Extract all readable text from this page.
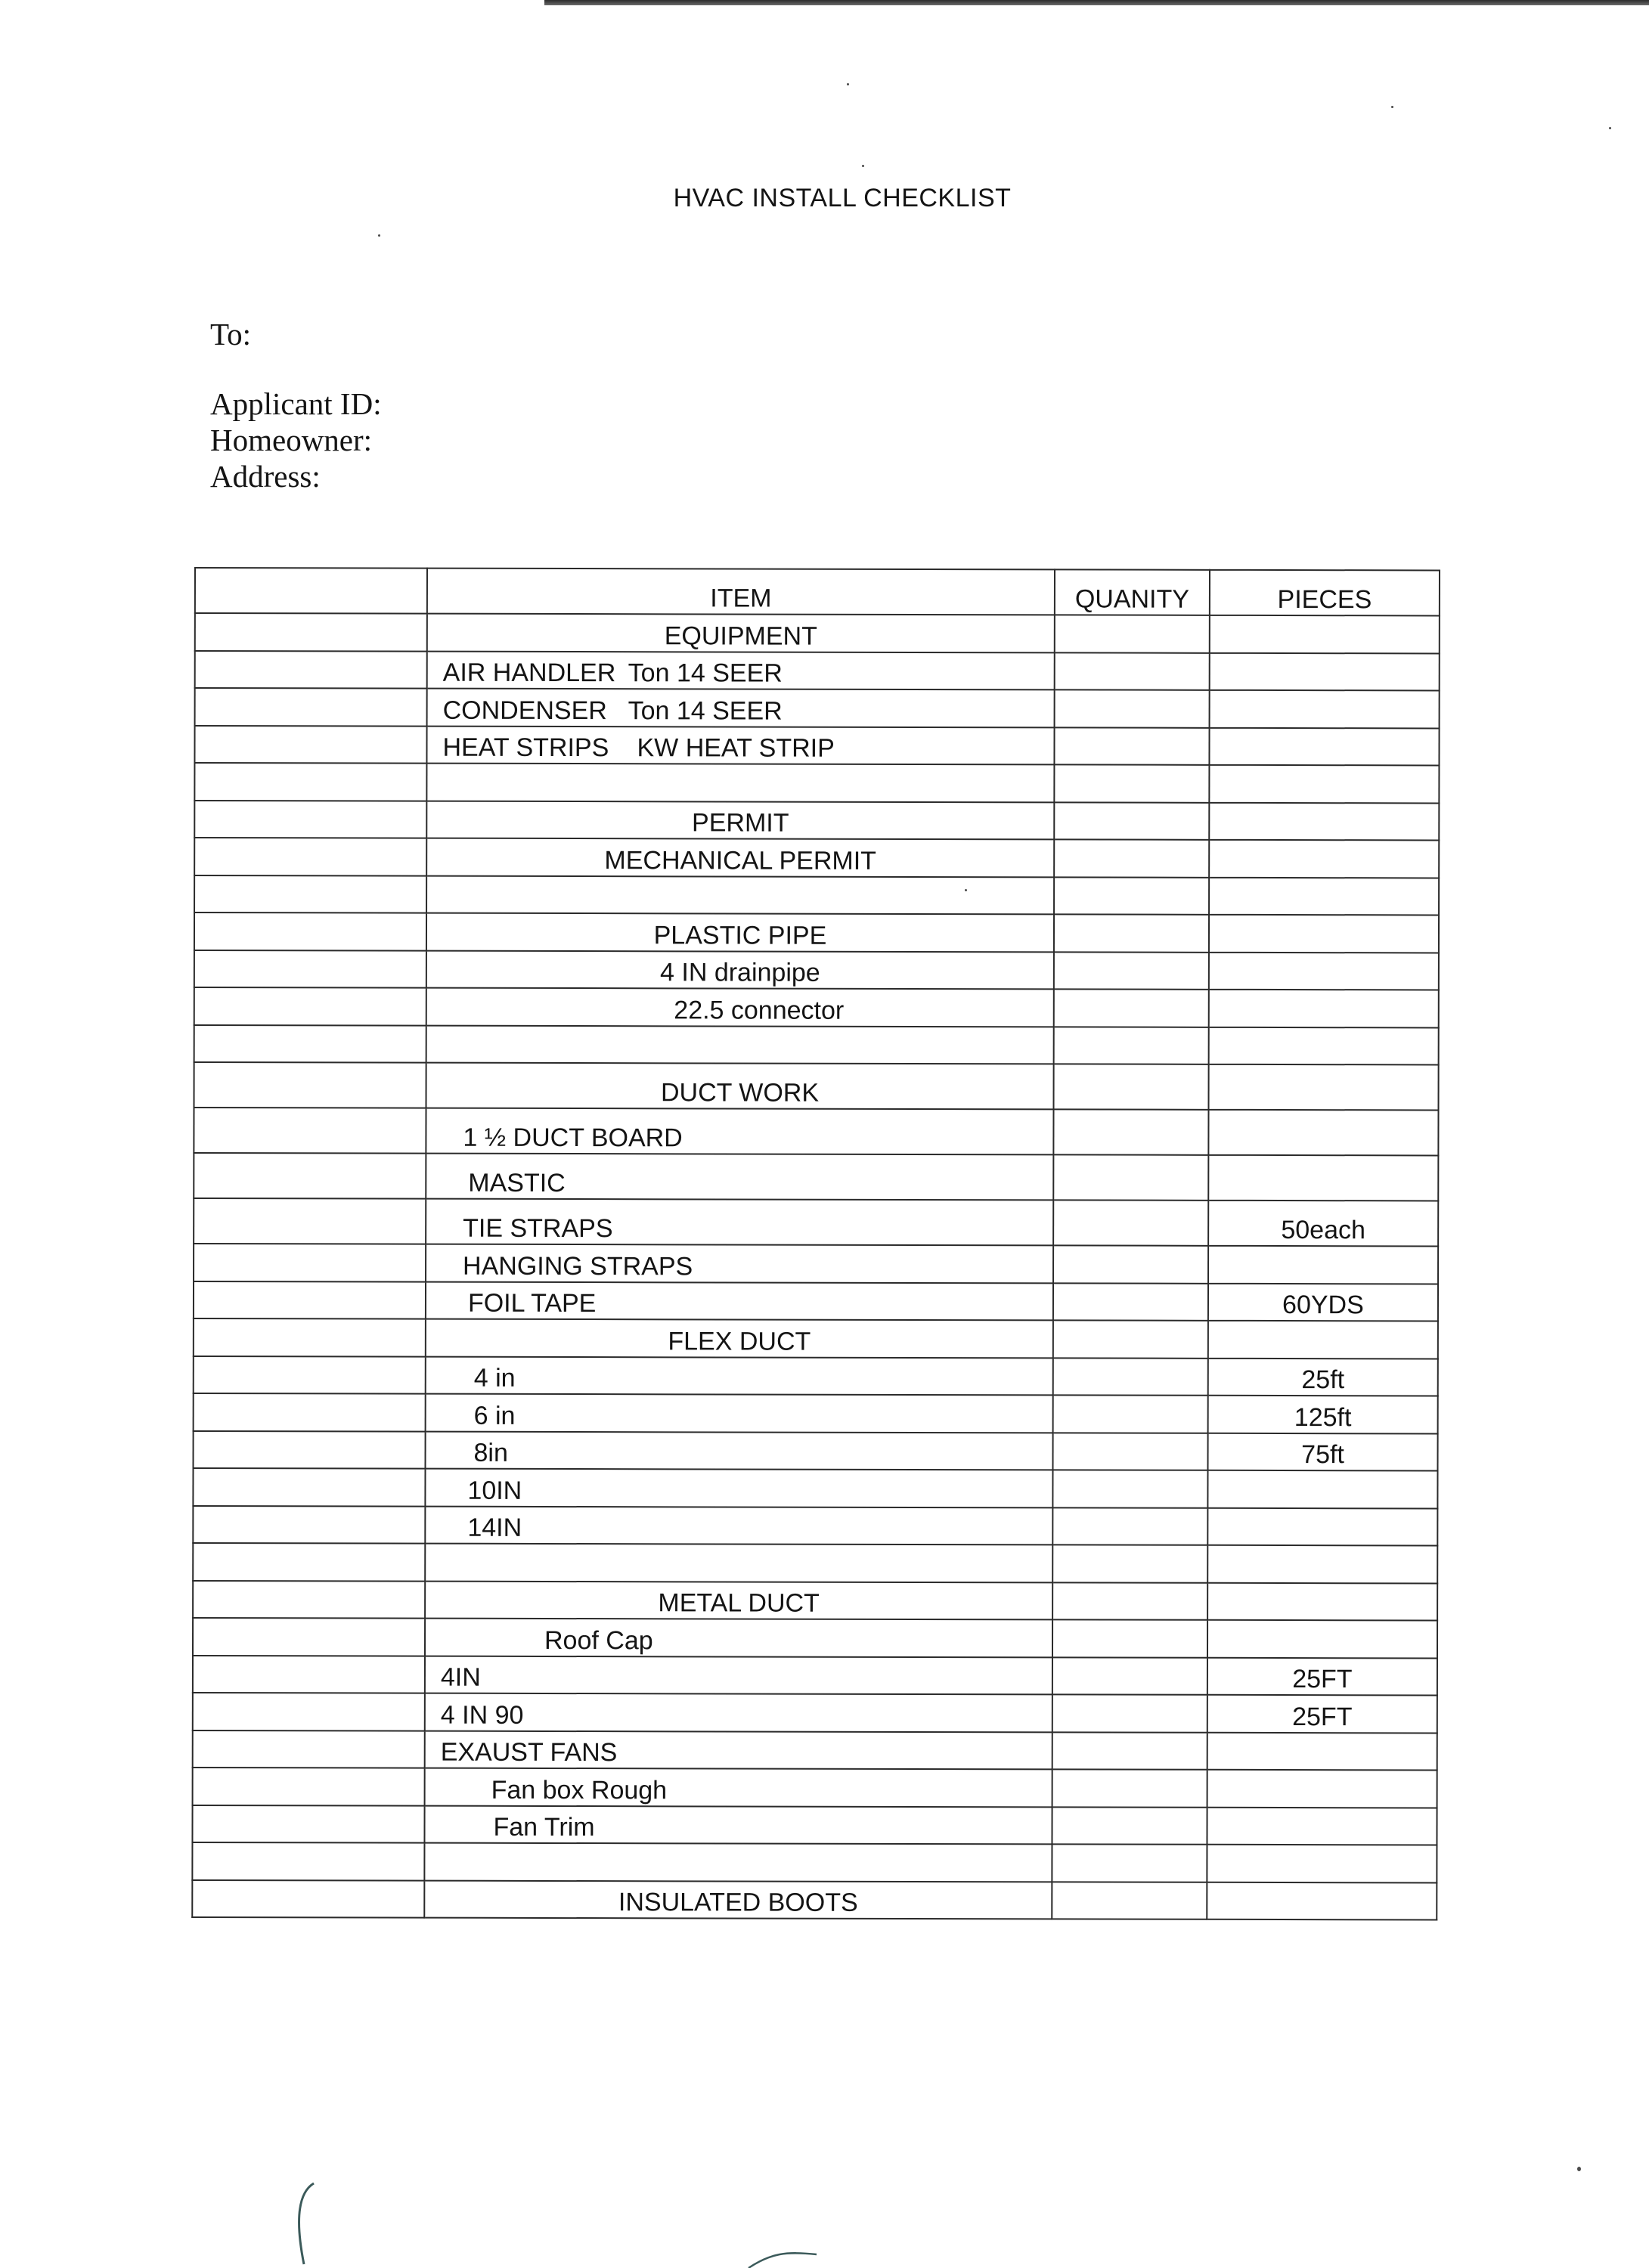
HVAC INSTALL CHECKLIST
To:
Applicant ID:
Homeowner:
Address:
	ITEM	QUANITY	PIECES
	EQUIPMENT		
	AIR HANDLER Ton 14 SEER		
	CONDENSER Ton 14 SEER		
	HEAT STRIPS KW HEAT STRIP		

	PERMIT		
	MECHANICAL PERMIT		

	PLASTIC PIPE		
	4 IN drainpipe		
	22.5 connector		

	DUCT WORK		
	1 ½ DUCT BOARD		
	MASTIC		
	TIE STRAPS		50each
	HANGING STRAPS		
	FOIL TAPE		60YDS
	FLEX DUCT		
	4 in		25ft
	6 in		125ft
	8in		75ft
	10IN		
	14IN		

	METAL DUCT		
	Roof Cap		
	4IN		25FT
	4 IN 90		25FT
	EXAUST FANS		
	Fan box Rough		
	Fan Trim		

	INSULATED BOOTS		
